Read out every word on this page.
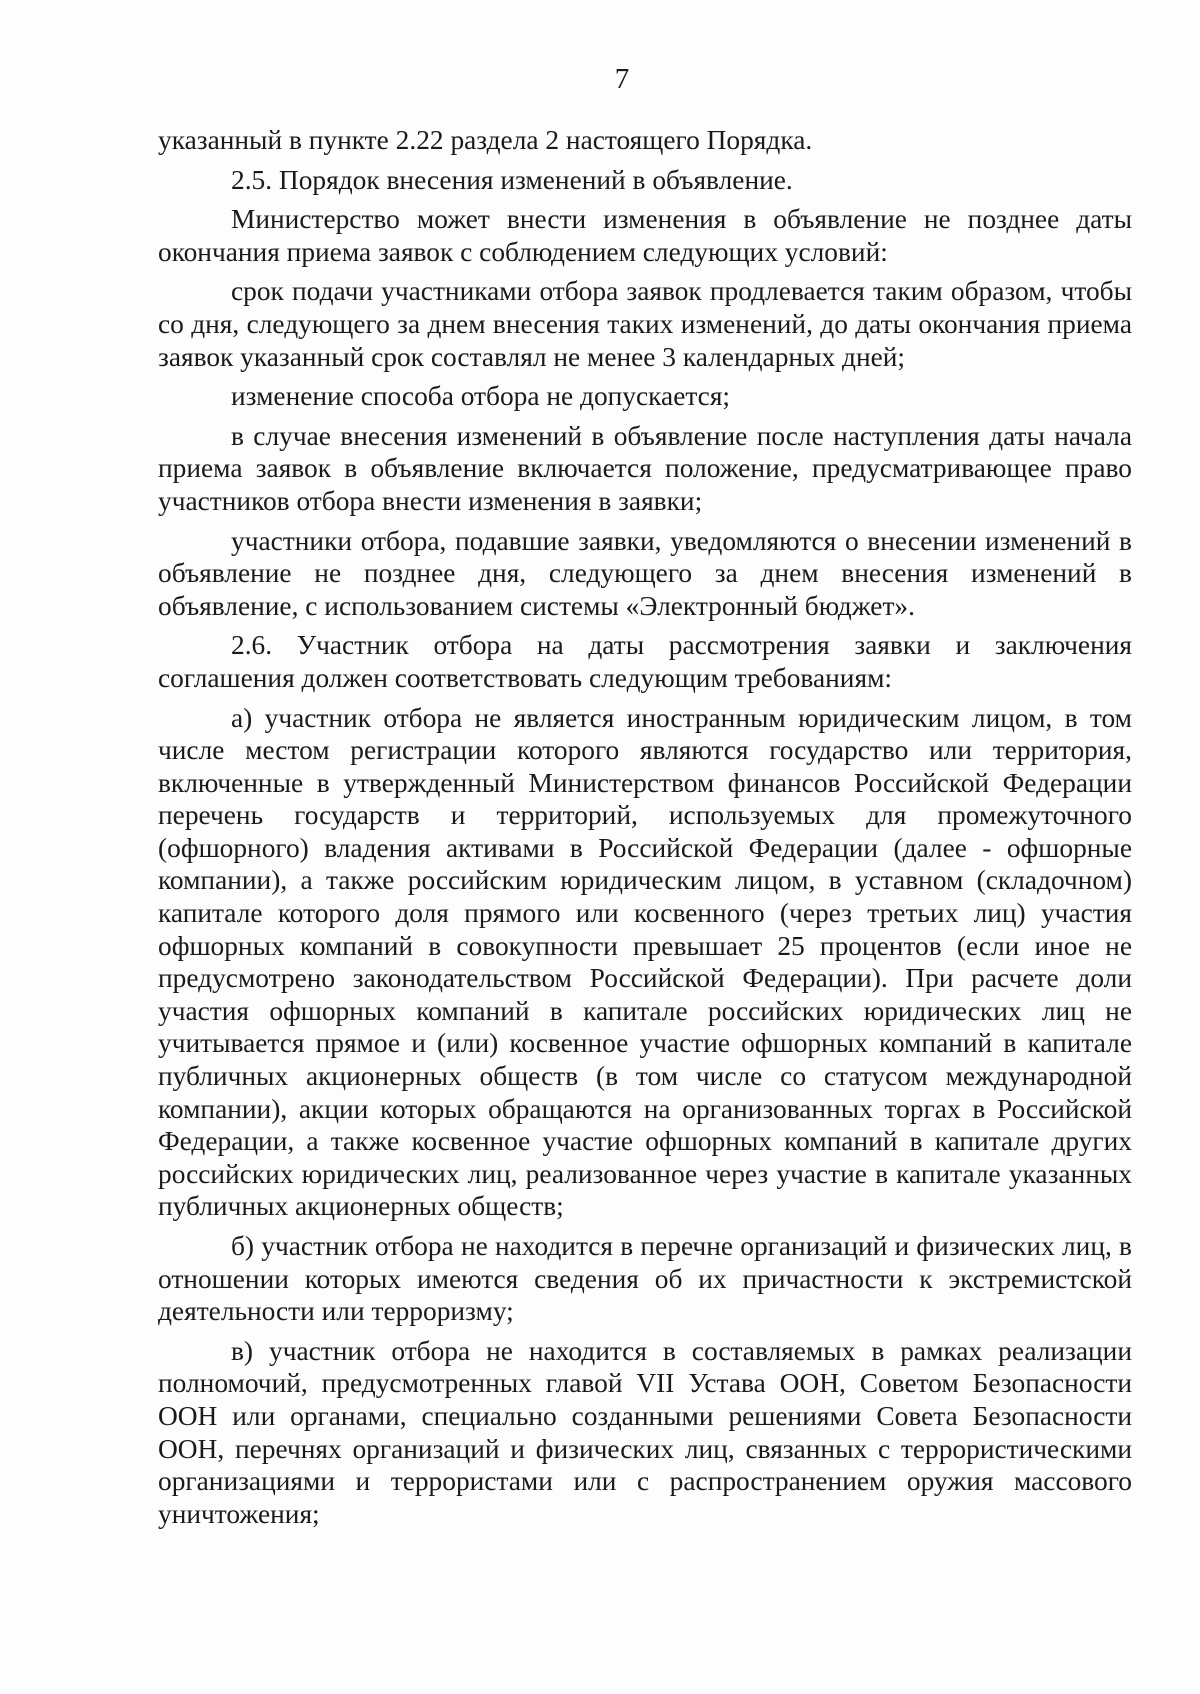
7

указанный в пункте 2.22 раздела 2 настоящего Порядка.

2.5. Порядок внесения изменений в объявление.

Министерство может внести изменения в объявление не позднее даты окончания приема заявок с соблюдением следующих условий:

срок подачи участниками отбора заявок продлевается таким образом, чтобы со дня, следующего за днем внесения таких изменений, до даты окончания приема заявок указанный срок составлял не менее 3 календарных дней;

изменение способа отбора не допускается;

в случае внесения изменений в объявление после наступления даты начала приема заявок в объявление включается положение, предусматривающее право участников отбора внести изменения в заявки;

участники отбора, подавшие заявки, уведомляются о внесении изменений в объявление не позднее дня, следующего за днем внесения изменений в объявление, с использованием системы «Электронный бюджет».

2.6. Участник отбора на даты рассмотрения заявки и заключения соглашения должен соответствовать следующим требованиям:

а) участник отбора не является иностранным юридическим лицом, в том числе местом регистрации которого являются государство или территория, включенные в утвержденный Министерством финансов Российской Федерации перечень государств и территорий, используемых для промежуточного (офшорного) владения активами в Российской Федерации (далее - офшорные компании), а также российским юридическим лицом, в уставном (складочном) капитале которого доля прямого или косвенного (через третьих лиц) участия офшорных компаний в совокупности превышает 25 процентов (если иное не предусмотрено законодательством Российской Федерации). При расчете доли участия офшорных компаний в капитале российских юридических лиц не учитывается прямое и (или) косвенное участие офшорных компаний в капитале публичных акционерных обществ (в том числе со статусом международной компании), акции которых обращаются на организованных торгах в Российской Федерации, а также косвенное участие офшорных компаний в капитале других российских юридических лиц, реализованное через участие в капитале указанных публичных акционерных обществ;

б) участник отбора не находится в перечне организаций и физических лиц, в отношении которых имеются сведения об их причастности к экстремистской деятельности или терроризму;

в) участник отбора не находится в составляемых в рамках реализации полномочий, предусмотренных главой VII Устава ООН, Советом Безопасности ООН или органами, специально созданными решениями Совета Безопасности ООН, перечнях организаций и физических лиц, связанных с террористическими организациями и террористами или с распространением оружия массового уничтожения;
